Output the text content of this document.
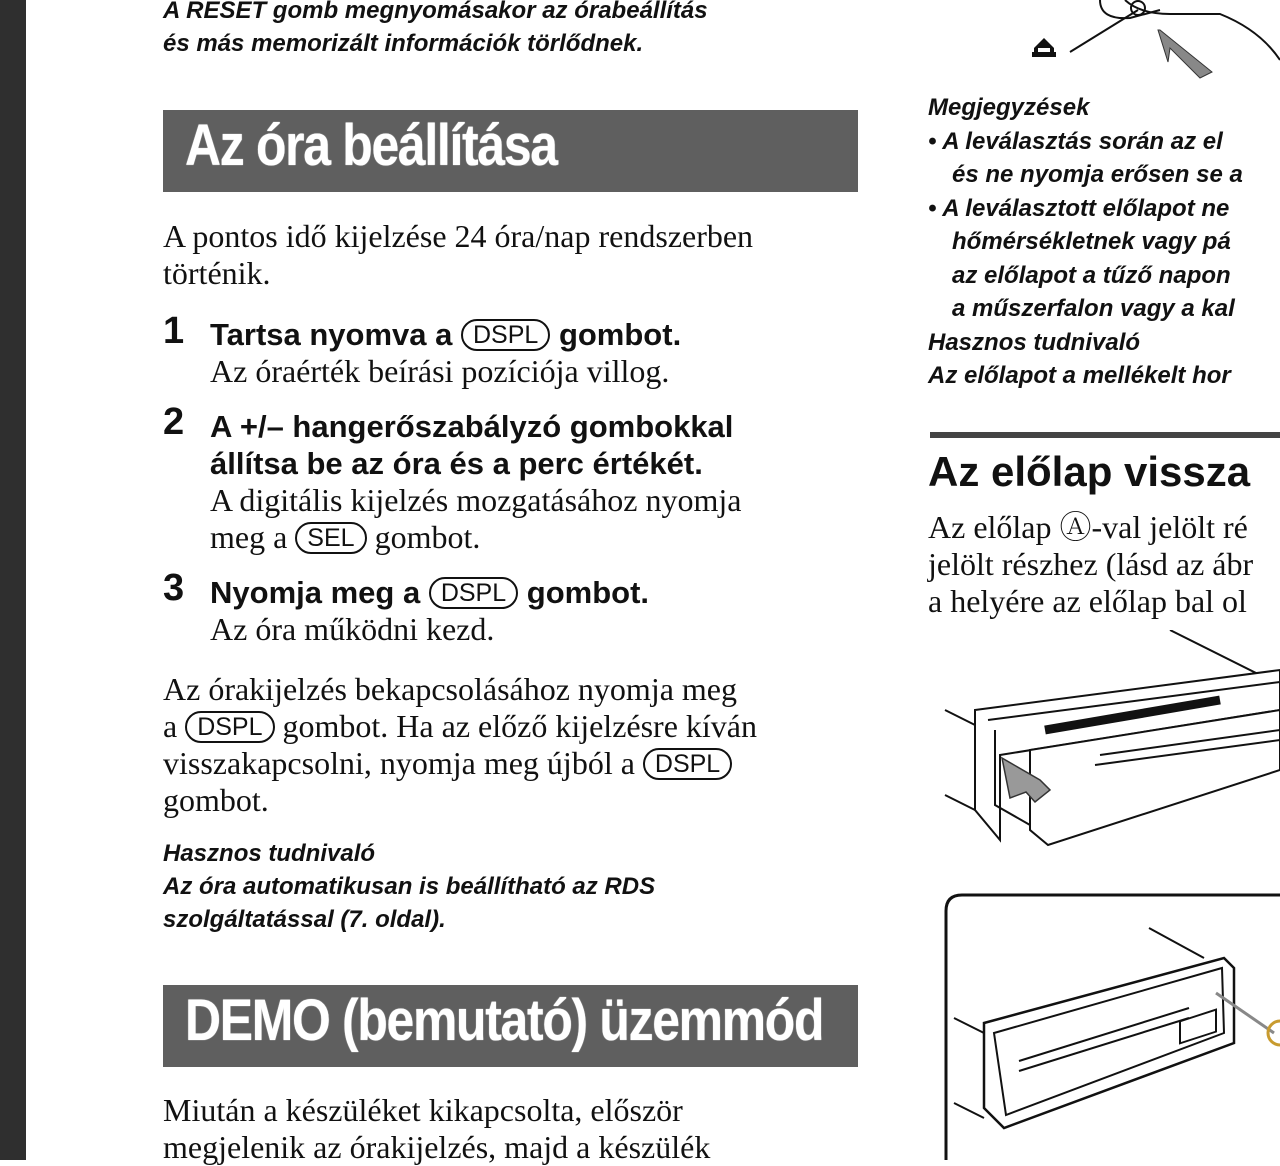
A RESET gomb megnyomásakor az órabeállítás
és más memorizált információk törlődnek.
Az óra beállítása
A pontos idő kijelzése 24 óra/nap rendszerben
történik.
1 Tartsa nyomva a DSPL gombot.
Az óraérték beírási pozíciója villog.
2 A +/– hangerőszabályzó gombokkal
állítsa be az óra és a perc értékét.
A digitális kijelzés mozgatásához nyomja
meg a SEL gombot.
3 Nyomja meg a DSPL gombot.
Az óra működni kezd.
Az órakijelzés bekapcsolásához nyomja meg
a DSPL gombot. Ha az előző kijelzésre kíván
visszakapcsolni, nyomja meg újból a DSPL
gombot.
Hasznos tudnivaló
Az óra automatikusan is beállítható az RDS
szolgáltatással (7. oldal).
DEMO (bemutató) üzemmód
Miután a készüléket kikapcsolta, először
megjelenik az órakijelzés, majd a készülék
Megjegyzések
• A leválasztás során az el
és ne nyomja erősen se a
• A leválasztott előlapot ne
hőmérsékletnek vagy pá
az előlapot a tűző napon
a műszerfalon vagy a kal
Hasznos tudnivaló
Az előlapot a mellékelt hor
Az előlap vissza
Az előlap Ⓐ-val jelölt ré
jelölt részhez (lásd az ábr
a helyére az előlap bal ol
